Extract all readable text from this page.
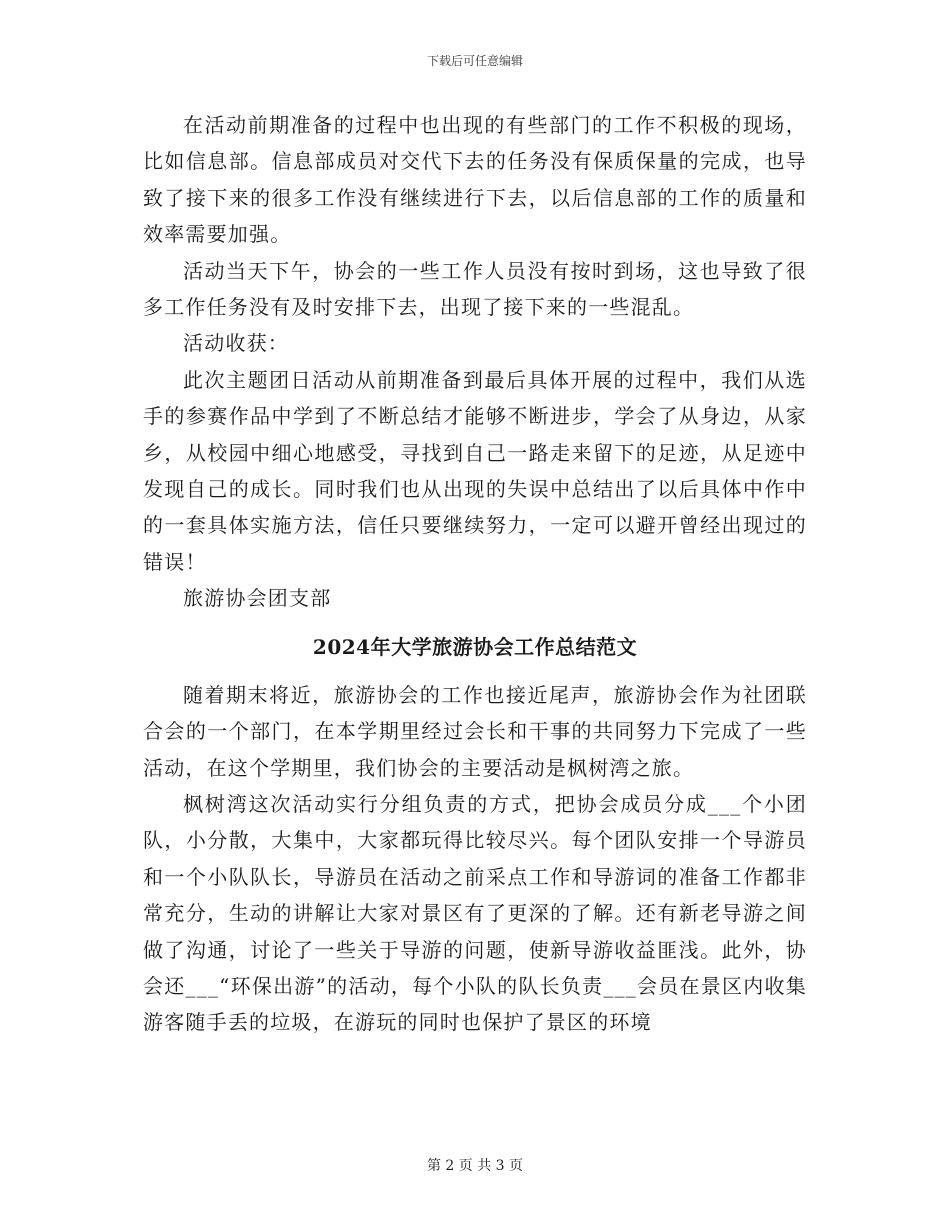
下载后可任意编辑

在活动前期准备的过程中也出现的有些部门的工作不积极的现场，比如信息部。信息部成员对交代下去的任务没有保质保量的完成，也导致了接下来的很多工作没有继续进行下去，以后信息部的工作的质量和效率需要加强。

活动当天下午，协会的一些工作人员没有按时到场，这也导致了很多工作任务没有及时安排下去，出现了接下来的一些混乱。

活动收获：

此次主题团日活动从前期准备到最后具体开展的过程中，我们从选手的参赛作品中学到了不断总结才能够不断进步，学会了从身边，从家乡，从校园中细心地感受，寻找到自己一路走来留下的足迹，从足迹中发现自己的成长。同时我们也从出现的失误中总结出了以后具体中作中的一套具体实施方法，信任只要继续努力，一定可以避开曾经出现过的错误！

旅游协会团支部

2024年大学旅游协会工作总结范文

随着期末将近，旅游协会的工作也接近尾声，旅游协会作为社团联合会的一个部门，在本学期里经过会长和干事的共同努力下完成了一些活动，在这个学期里，我们协会的主要活动是枫树湾之旅。

枫树湾这次活动实行分组负责的方式，把协会成员分成___个小团队，小分散，大集中，大家都玩得比较尽兴。每个团队安排一个导游员和一个小队队长，导游员在活动之前采点工作和导游词的准备工作都非常充分，生动的讲解让大家对景区有了更深的了解。还有新老导游之间做了沟通，讨论了一些关于导游的问题，使新导游收益匪浅。此外，协会还___“环保出游”的活动，每个小队的队长负责___会员在景区内收集游客随手丢的垃圾，在游玩的同时也保护了景区的环境

第 2 页 共 3 页
